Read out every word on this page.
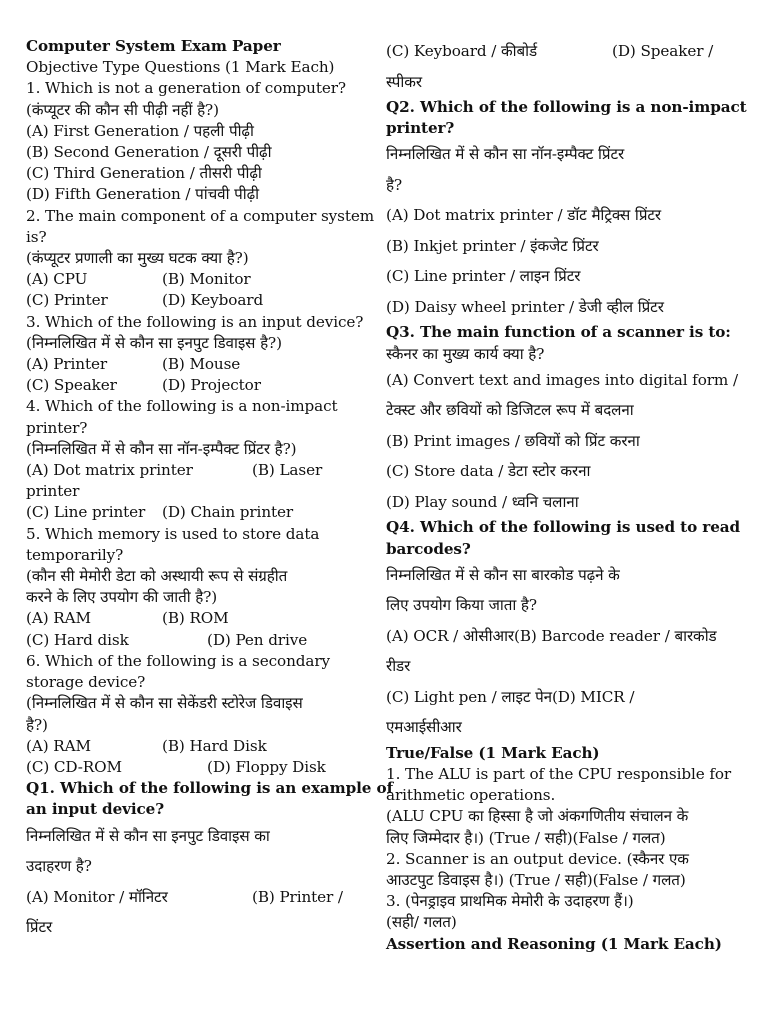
Computer System Exam Paper
Objective Type Questions (1 Mark Each)
1. Which is not a generation of computer?
(कंप्यूटर की कौन सी पीढ़ी नहीं है?)
(A) First Generation / पहली पीढ़ी
(B) Second Generation / दूसरी पीढ़ी
(C) Third Generation / तीसरी पीढ़ी
(D) Fifth Generation / पांचवी पीढ़ी
2. The main component of a computer system
is?
(कंप्यूटर प्रणाली का मुख्य घटक क्या है?)
(A) CPU	(B) Monitor
(C) Printer	(D) Keyboard
3. Which of the following is an input device?
(निम्नलिखित में से कौन सा इनपुट डिवाइस है?)
(A) Printer	(B) Mouse
(C) Speaker	(D) Projector
4. Which of the following is a non-impact
printer?
(निम्नलिखित में से कौन सा नॉन-इम्पैक्ट प्रिंटर है?)
(A) Dot matrix printer	(B) Laser
printer
(C) Line printer	(D) Chain printer
5. Which memory is used to store data
temporarily?
(कौन सी मेमोरी डेटा को अस्थायी रूप से संग्रहीत
करने के लिए उपयोग की जाती है?)
(A) RAM	(B) ROM
(C) Hard disk	(D) Pen drive
6. Which of the following is a secondary
storage device?
(निम्नलिखित में से कौन सा सेकेंडरी स्टोरेज डिवाइस
है?)
(A) RAM	(B) Hard Disk
(C) CD-ROM	(D) Floppy Disk
Q1. Which of the following is an example of
an input device?
निम्नलिखित में से कौन सा इनपुट डिवाइस का
उदाहरण है?
(A) Monitor / मॉनिटर	(B) Printer /
प्रिंटर
(C) Keyboard / कीबोर्ड	(D) Speaker /
स्पीकर
Q2. Which of the following is a non-impact
printer?
निम्नलिखित में से कौन सा नॉन-इम्पैक्ट प्रिंटर
है?
(A) Dot matrix printer / डॉट मैट्रिक्स प्रिंटर
(B) Inkjet printer / इंकजेट प्रिंटर
(C) Line printer / लाइन प्रिंटर
(D) Daisy wheel printer / डेजी व्हील प्रिंटर
Q3. The main function of a scanner is to:
स्कैनर का मुख्य कार्य क्या है?
(A) Convert text and images into digital form /
टेक्स्ट और छवियों को डिजिटल रूप में बदलना
(B) Print images / छवियों को प्रिंट करना
(C) Store data / डेटा स्टोर करना
(D) Play sound / ध्वनि चलाना
Q4. Which of the following is used to read
barcodes?
निम्नलिखित में से कौन सा बारकोड पढ़ने के
लिए उपयोग किया जाता है?
(A) OCR / ओसीआर(B) Barcode reader / बारकोड
रीडर
(C) Light pen / लाइट पेन(D) MICR /
एमआईसीआर
True/False (1 Mark Each)
1. The ALU is part of the CPU responsible for
arithmetic operations.
(ALU CPU का हिस्सा है जो अंकगणितीय संचालन के
लिए जिम्मेदार है।) (True / सही)(False / गलत)
2. Scanner is an output device. (स्कैनर एक
आउटपुट डिवाइस है।) (True / सही)(False / गलत)
3. (पेनड्राइव प्राथमिक मेमोरी के उदाहरण हैं।)
(सही/ गलत)
Assertion and Reasoning (1 Mark Each)
